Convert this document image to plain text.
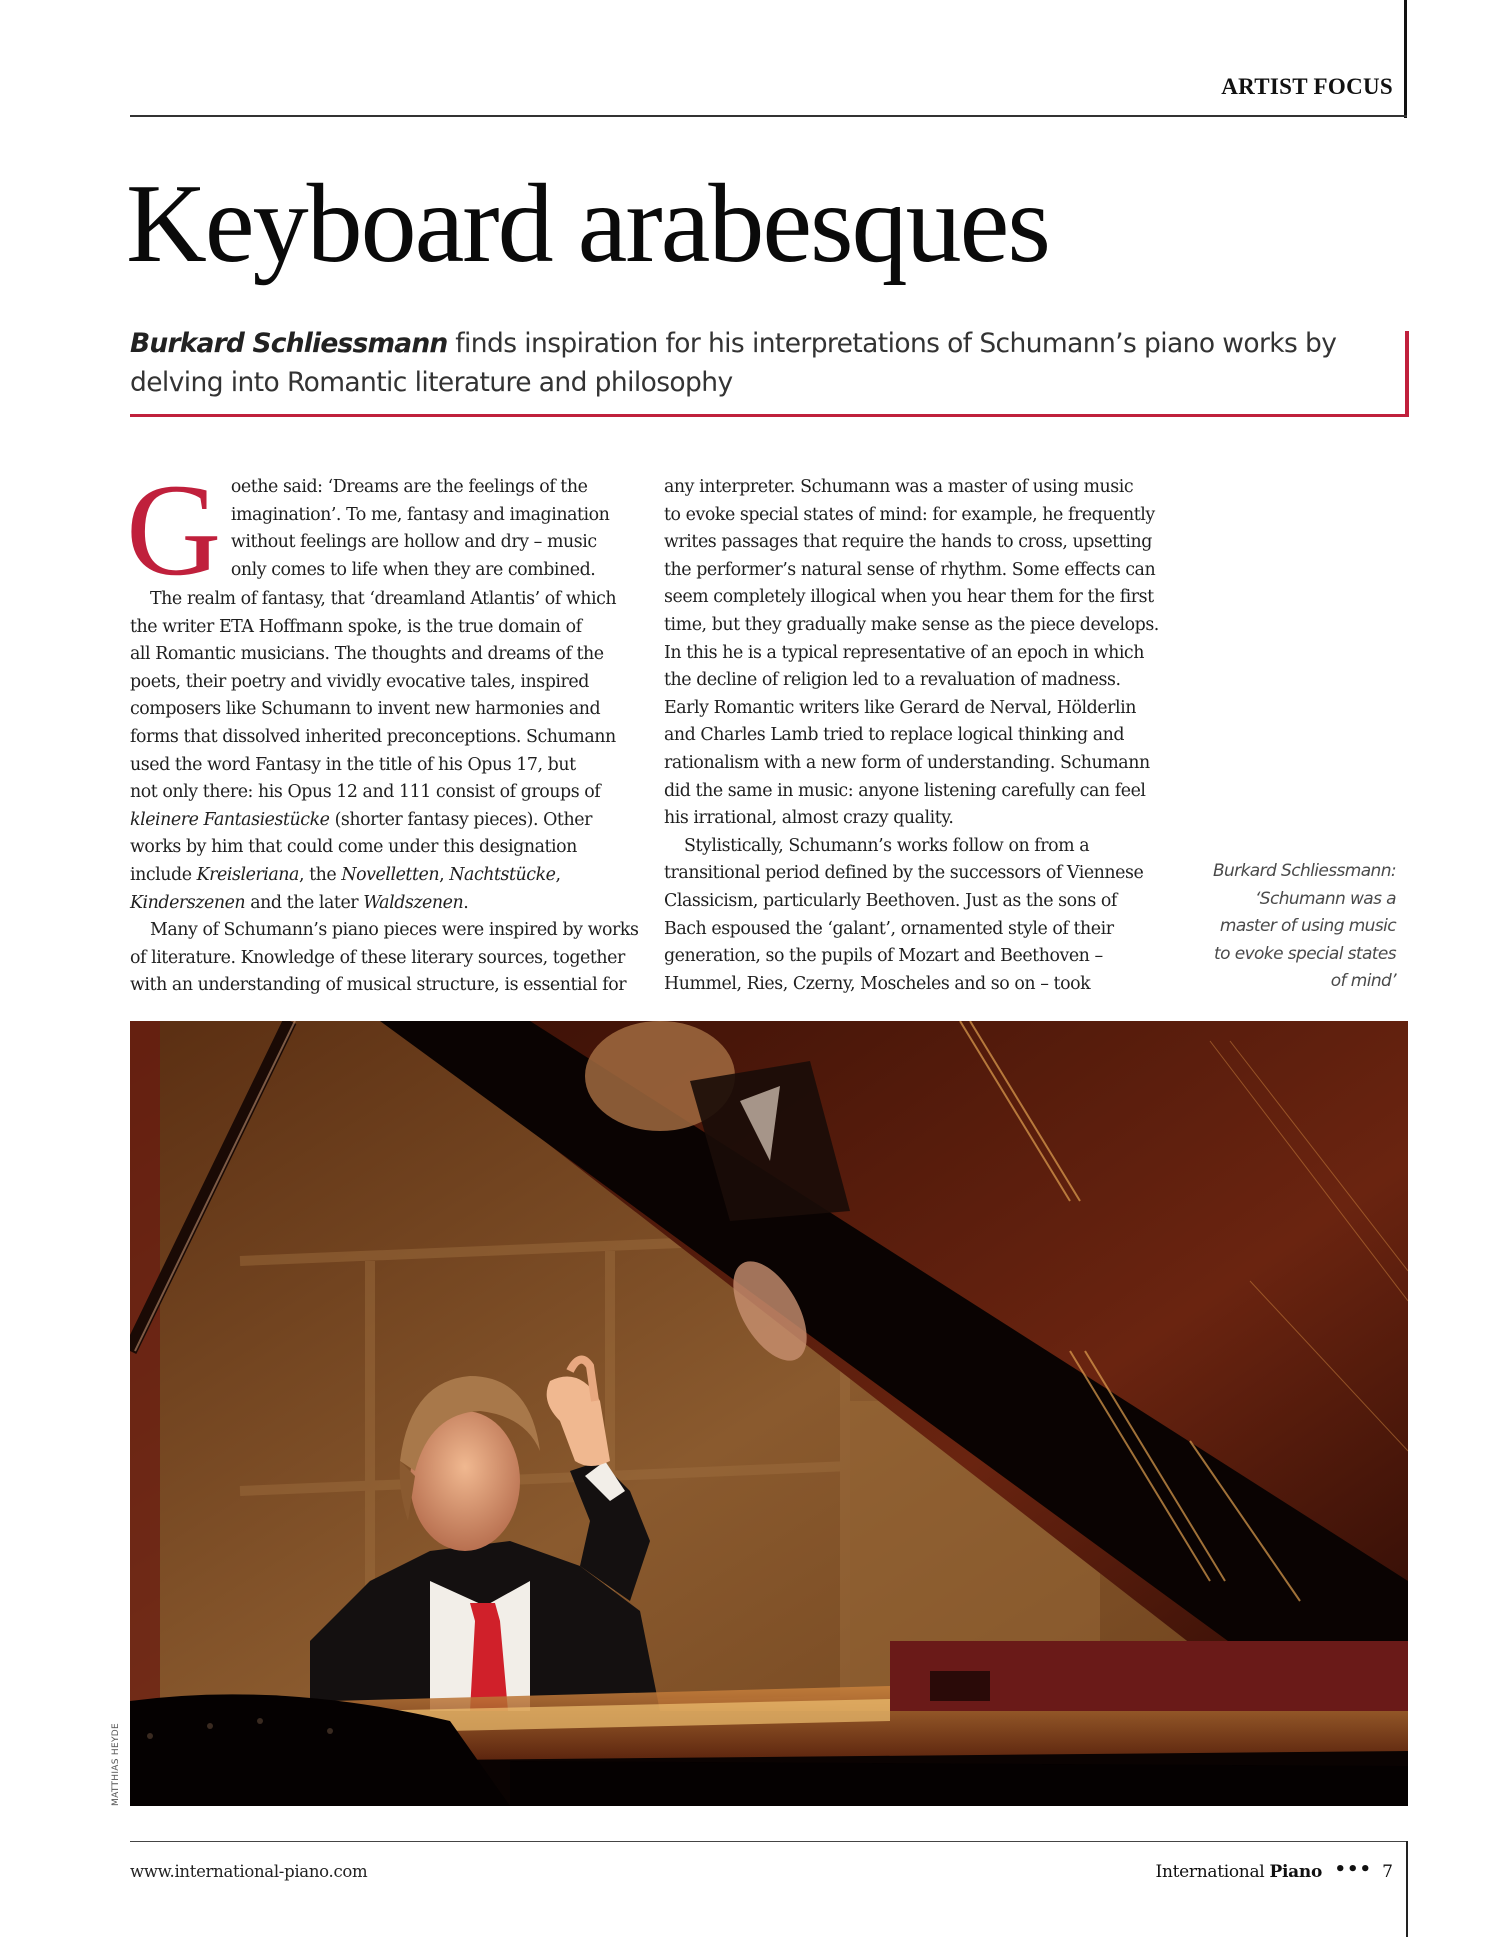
ARTIST FOCUS
Keyboard arabesques
Burkard Schliessmann finds inspiration for his interpretations of Schumann’s piano works by delving into Romantic literature and philosophy
G oethe said: ‘Dreams are the feelings of the
imagination’. To me, fantasy and imagination
without feelings are hollow and dry – music
only comes to life when they are combined.
The realm of fantasy, that ‘dreamland Atlantis’ of which
the writer ETA Hoffmann spoke, is the true domain of
all Romantic musicians. The thoughts and dreams of the
poets, their poetry and vividly evocative tales, inspired
composers like Schumann to invent new harmonies and
forms that dissolved inherited preconceptions. Schumann
used the word Fantasy in the title of his Opus 17, but
not only there: his Opus 12 and 111 consist of groups of
kleinere Fantasiestücke (shorter fantasy pieces). Other
works by him that could come under this designation
include Kreisleriana, the Novelletten, Nachtstücke,
Kinderszenen and the later Waldszenen.
Many of Schumann’s piano pieces were inspired by works
of literature. Knowledge of these literary sources, together
with an understanding of musical structure, is essential for
any interpreter. Schumann was a master of using music
to evoke special states of mind: for example, he frequently
writes passages that require the hands to cross, upsetting
the performer’s natural sense of rhythm. Some effects can
seem completely illogical when you hear them for the first
time, but they gradually make sense as the piece develops.
In this he is a typical representative of an epoch in which
the decline of religion led to a revaluation of madness.
Early Romantic writers like Gerard de Nerval, Hölderlin
and Charles Lamb tried to replace logical thinking and
rationalism with a new form of understanding. Schumann
did the same in music: anyone listening carefully can feel
his irrational, almost crazy quality.
Stylistically, Schumann’s works follow on from a
transitional period defined by the successors of Viennese
Classicism, particularly Beethoven. Just as the sons of
Bach espoused the ‘galant’, ornamented style of their
generation, so the pupils of Mozart and Beethoven –
Hummel, Ries, Czerny, Moscheles and so on – took
Burkard Schliessmann:
‘Schumann was a
master of using music
to evoke special states
of mind’
MATTHIAS HEYDE
www.international-piano.com	International Piano ••• 7
